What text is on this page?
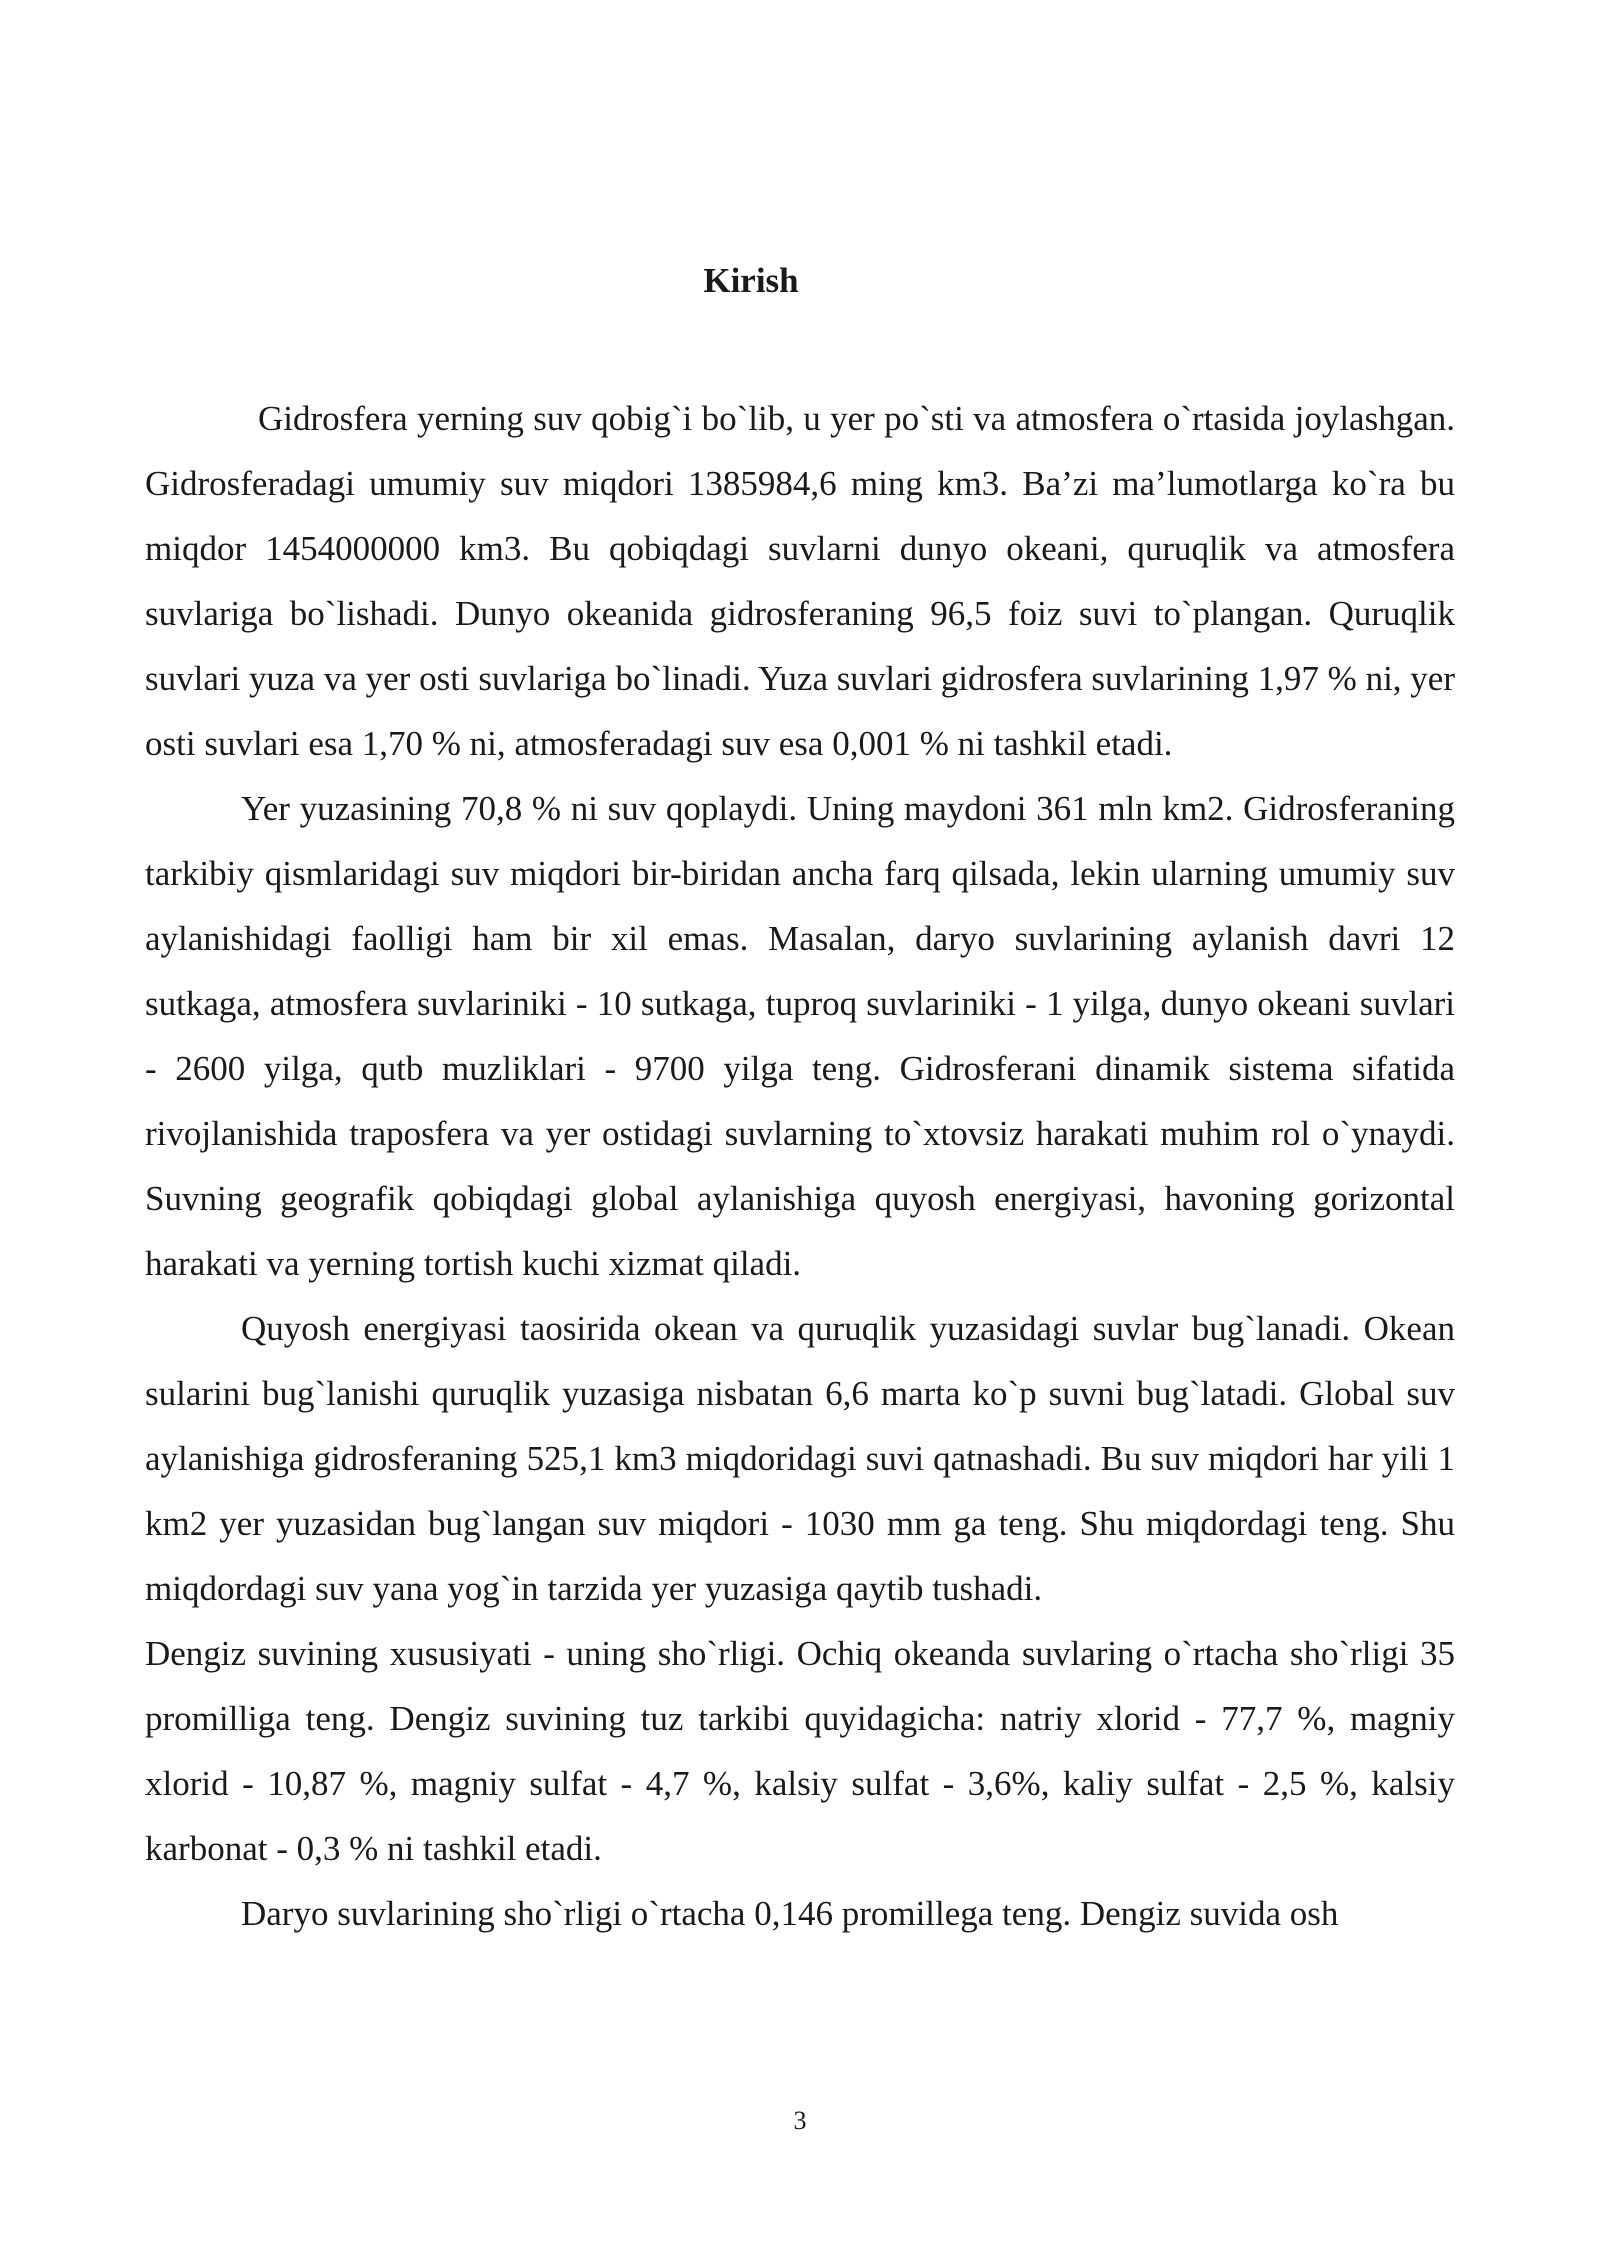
Kirish

Gidrosfera yerning suv qobig`i bo`lib, u yer po`sti va atmosfera o`rtasida joylashgan. Gidrosferadagi umumiy suv miqdori 1385984,6 ming km3. Ba’zi ma’lumotlarga ko`ra bu miqdor 1454000000 km3. Bu qobiqdagi suvlarni dunyo okeani, quruqlik va atmosfera suvlariga bo`lishadi. Dunyo okeanida gidrosferaning 96,5 foiz suvi to`plangan. Quruqlik suvlari yuza va yer osti suvlariga bo`linadi. Yuza suvlari gidrosfera suvlarining 1,97 % ni, yer osti suvlari esa 1,70 % ni, atmosferadagi suv esa 0,001 % ni tashkil etadi.

Yer yuzasining 70,8 % ni suv qoplaydi. Uning maydoni 361 mln km2. Gidrosferaning tarkibiy qismlaridagi suv miqdori bir-biridan ancha farq qilsada, lekin ularning umumiy suv aylanishidagi faolligi ham bir xil emas. Masalan, daryo suvlarining aylanish davri 12 sutkaga, atmosfera suvlariniki - 10 sutkaga, tuproq suvlariniki - 1 yilga, dunyo okeani suvlari - 2600 yilga, qutb muzliklari - 9700 yilga teng. Gidrosferani dinamik sistema sifatida rivojlanishida traposfera va yer ostidagi suvlarning to`xtovsiz harakati muhim rol o`ynaydi. Suvning geografik qobiqdagi global aylanishiga quyosh energiyasi, havoning gorizontal harakati va yerning tortish kuchi xizmat qiladi.

Quyosh energiyasi taosirida okean va quruqlik yuzasidagi suvlar bug`lanadi. Okean sularini bug`lanishi quruqlik yuzasiga nisbatan 6,6 marta ko`p suvni bug`latadi. Global suv aylanishiga gidrosferaning 525,1 km3 miqdoridagi suvi qatnashadi. Bu suv miqdori har yili 1 km2 yer yuzasidan bug`langan suv miqdori - 1030 mm ga teng. Shu miqdordagi teng. Shu miqdordagi suv yana yog`in tarzida yer yuzasiga qaytib tushadi.

Dengiz suvining xususiyati - uning sho`rligi. Ochiq okeanda suvlaring o`rtacha sho`rligi 35 promilliga teng. Dengiz suvining tuz tarkibi quyidagicha: natriy xlorid - 77,7 %, magniy xlorid - 10,87 %, magniy sulfat - 4,7 %, kalsiy sulfat - 3,6%, kaliy sulfat - 2,5 %, kalsiy karbonat - 0,3 % ni tashkil etadi.

Daryo suvlarining sho`rligi o`rtacha 0,146 promillega teng. Dengiz suvida osh

3
